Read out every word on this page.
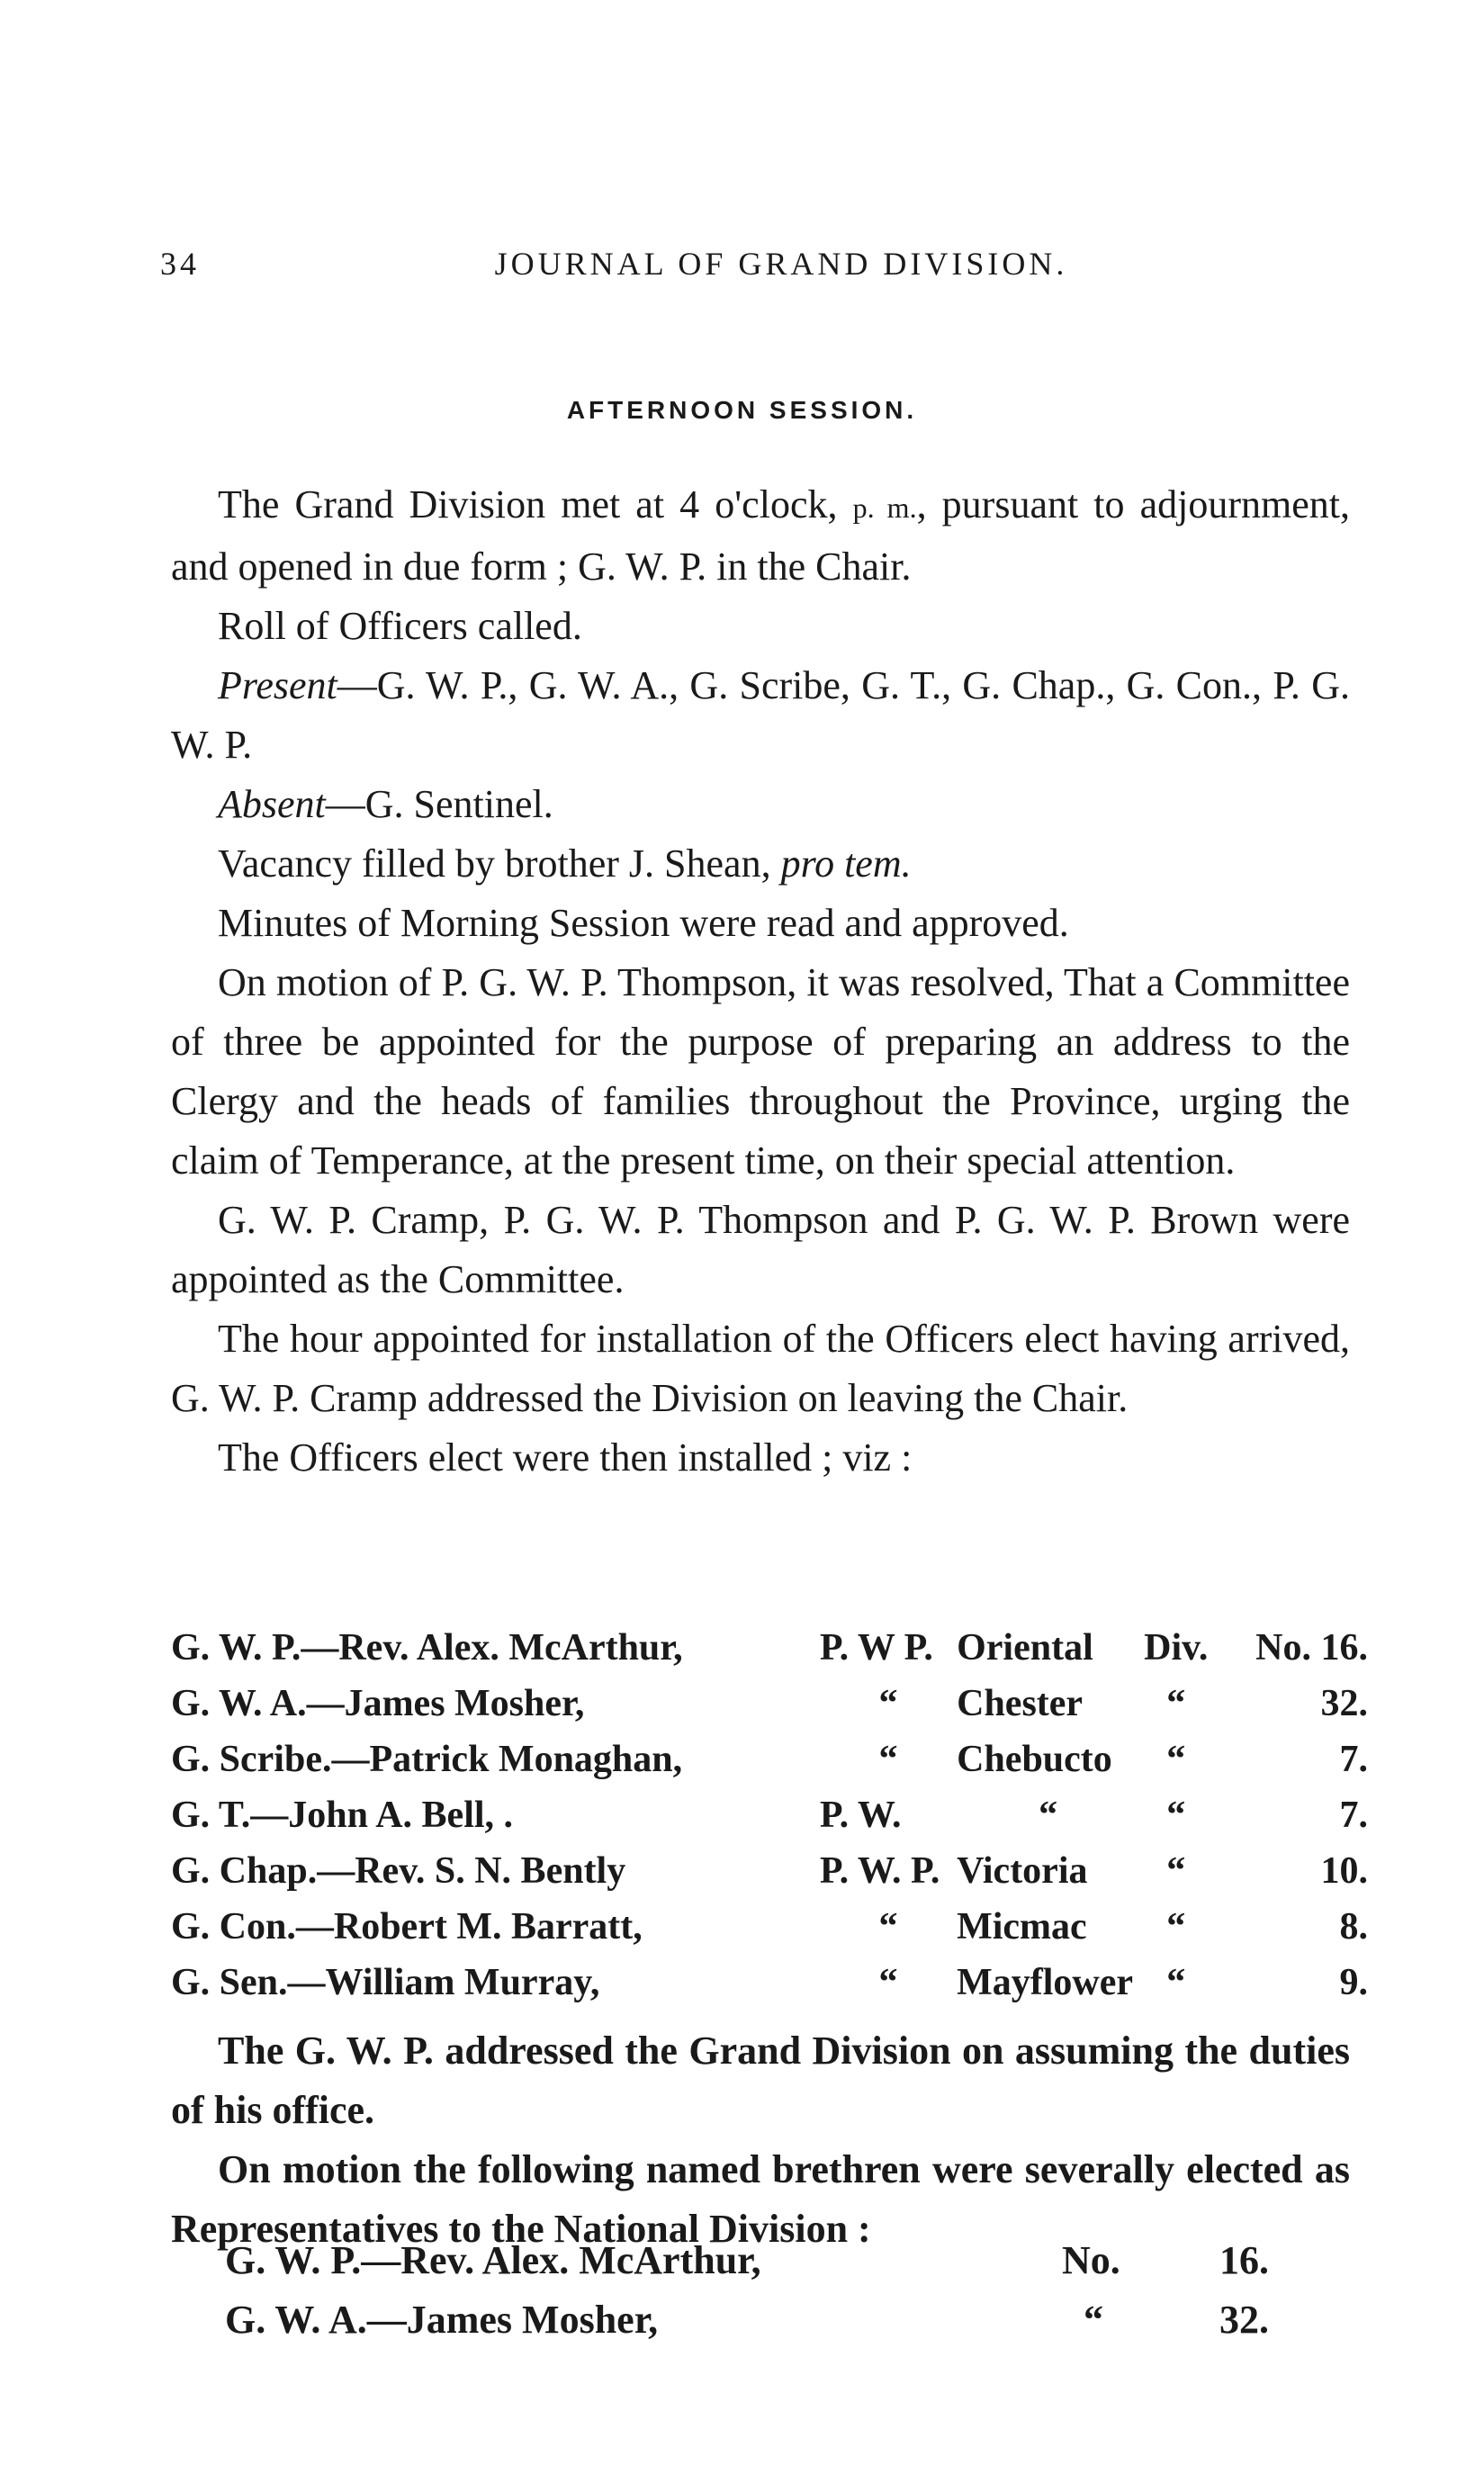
34	JOURNAL OF GRAND DIVISION.
AFTERNOON SESSION.

The Grand Division met at 4 o'clock, p. m., pursuant to adjournment, and opened in due form ; G. W. P. in the Chair.

Roll of Officers called.

Present—G. W. P., G. W. A., G. Scribe, G. T., G. Chap., G. Con., P. G. W. P.

Absent—G. Sentinel.

Vacancy filled by brother J. Shean, pro tem.

Minutes of Morning Session were read and approved.

On motion of P. G. W. P. Thompson, it was resolved, That a Committee of three be appointed for the purpose of preparing an address to the Clergy and the heads of families throughout the Province, urging the claim of Temperance, at the present time, on their special attention.

G. W. P. Cramp, P. G. W. P. Thompson and P. G. W. P. Brown were appointed as the Committee.

The hour appointed for installation of the Officers elect having arrived, G. W. P. Cramp addressed the Division on leaving the Chair.

The Officers elect were then installed ; viz :

G. W. P.—Rev. Alex. McArthur,	P. W P.	Oriental	Div.	No. 16.
G. W. A.—James Mosher,	“	Chester	“	32.
G. Scribe.—Patrick Monaghan,	“	Chebucto	“	7.
G. T.—John A. Bell, .	P. W.	“	“	7.
G. Chap.—Rev. S. N. Bently	P. W. P.	Victoria	“	10.
G. Con.—Robert M. Barratt,	“	Micmac	“	8.
G. Sen.—William Murray,	“	Mayflower	“	9.

The G. W. P. addressed the Grand Division on assuming the duties of his office.

On motion the following named brethren were severally elected as Representatives to the National Division :

G. W. P.—Rev. Alex. McArthur,	No.	16.
G. W. A.—James Mosher,	“	32.
